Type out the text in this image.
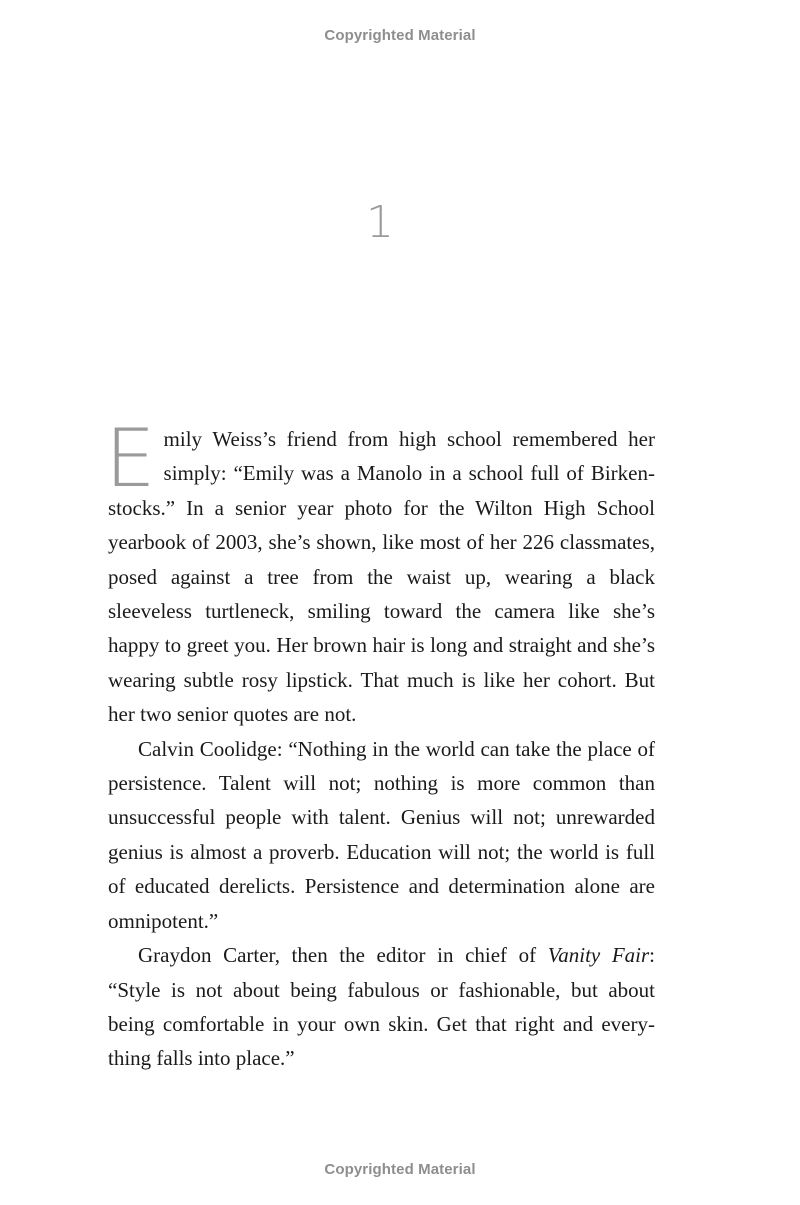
Copyrighted Material
1

Emily Weiss’s friend from high school remembered her simply: “Emily was a Manolo in a school full of Birkenstocks.” In a senior year photo for the Wilton High School yearbook of 2003, she’s shown, like most of her 226 classmates, posed against a tree from the waist up, wearing a black sleeveless turtleneck, smiling toward the camera like she’s happy to greet you. Her brown hair is long and straight and she’s wearing subtle rosy lipstick. That much is like her cohort. But her two senior quotes are not.

Calvin Coolidge: “Nothing in the world can take the place of persistence. Talent will not; nothing is more common than unsuccessful people with talent. Genius will not; unrewarded genius is almost a proverb. Education will not; the world is full of educated derelicts. Persistence and determination alone are omnipotent.”

Graydon Carter, then the editor in chief of Vanity Fair: “Style is not about being fabulous or fashionable, but about being comfortable in your own skin. Get that right and everything falls into place.”

Copyrighted Material
